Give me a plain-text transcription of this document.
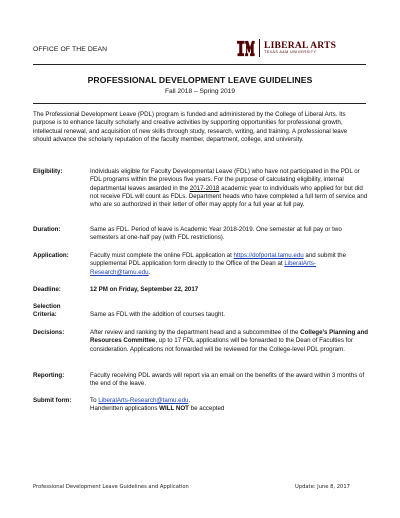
OFFICE OF THE DEAN	LIBERAL ARTS
TEXAS A&M UNIVERSITY
PROFESSIONAL DEVELOPMENT LEAVE GUIDELINES
Fall 2018 – Spring 2019
The Professional Development Leave (PDL) program is funded and administered by the College of Liberal Arts. Its purpose is to enhance faculty scholarly and creative activities by supporting opportunities for professional growth, intellectual renewal, and acquisition of new skills through study, research, writing, and training. A professional leave should advance the scholarly reputation of the faculty member, department, college, and university.
Eligibility:	Individuals eligible for Faculty Developmental Leave (FDL) who have not participated in the PDL or FDL programs within the previous five years. For the purpose of calculating eligibility, internal departmental leaves awarded in the 2017-2018 academic year to individuals who applied for but did not receive FDL will count as FDLs. Department heads who have completed a full term of service and who are so authorized in their letter of offer may apply for a full year at full pay.
Duration:	Same as FDL. Period of leave is Academic Year 2018-2019. One semester at full pay or two semesters at one-half pay (with FDL restrictions).
Application:	Faculty must complete the online FDL application at https://dofportal.tamu.edu and submit the supplemental PDL application form directly to the Office of the Dean at LiberalArts-Research@tamu.edu.
Deadline:	12 PM on Friday, September 22, 2017
Selection
Criteria:	Same as FDL with the addition of courses taught.
Decisions:	After review and ranking by the department head and a subcommittee of the College’s Planning and Resources Committee, up to 17 FDL applications will be forwarded to the Dean of Faculties for consideration. Applications not forwarded will be reviewed for the College-level PDL program.
Reporting:	Faculty receiving PDL awards will report via an email on the benefits of the award within 3 months of the end of the leave.
Submit form:	To LiberalArts-Research@tamu.edu.
Handwritten applications WILL NOT be accepted
Professional Development Leave Guidelines and Application	Update: June 8, 2017
